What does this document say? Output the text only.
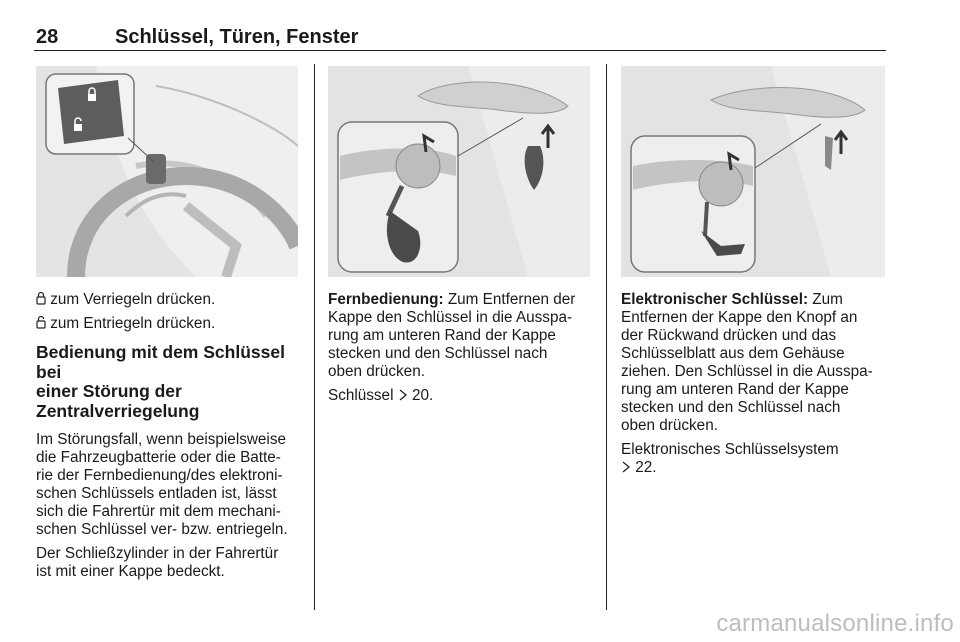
28	Schlüssel, Türen, Fenster

zum Verriegeln drücken.

zum Entriegeln drücken.

Bedienung mit dem Schlüssel bei
einer Störung der
Zentralverriegelung

Im Störungsfall, wenn beispielsweise
die Fahrzeugbatterie oder die Batte-
rie der Fernbedienung/des elektroni-
schen Schlüssels entladen ist, lässt
sich die Fahrertür mit dem mechani-
schen Schlüssel ver- bzw. entriegeln.

Der Schließzylinder in der Fahrertür
ist mit einer Kappe bedeckt.

Fernbedienung: Zum Entfernen der
Kappe den Schlüssel in die Ausspa-
rung am unteren Rand der Kappe
stecken und den Schlüssel nach
oben drücken.

Schlüssel 20.

Elektronischer Schlüssel: Zum
Entfernen der Kappe den Knopf an
der Rückwand drücken und das
Schlüsselblatt aus dem Gehäuse
ziehen. Den Schlüssel in die Ausspa-
rung am unteren Rand der Kappe
stecken und den Schlüssel nach
oben drücken.

Elektronisches Schlüsselsystem
22.

carmanualsonline.info
